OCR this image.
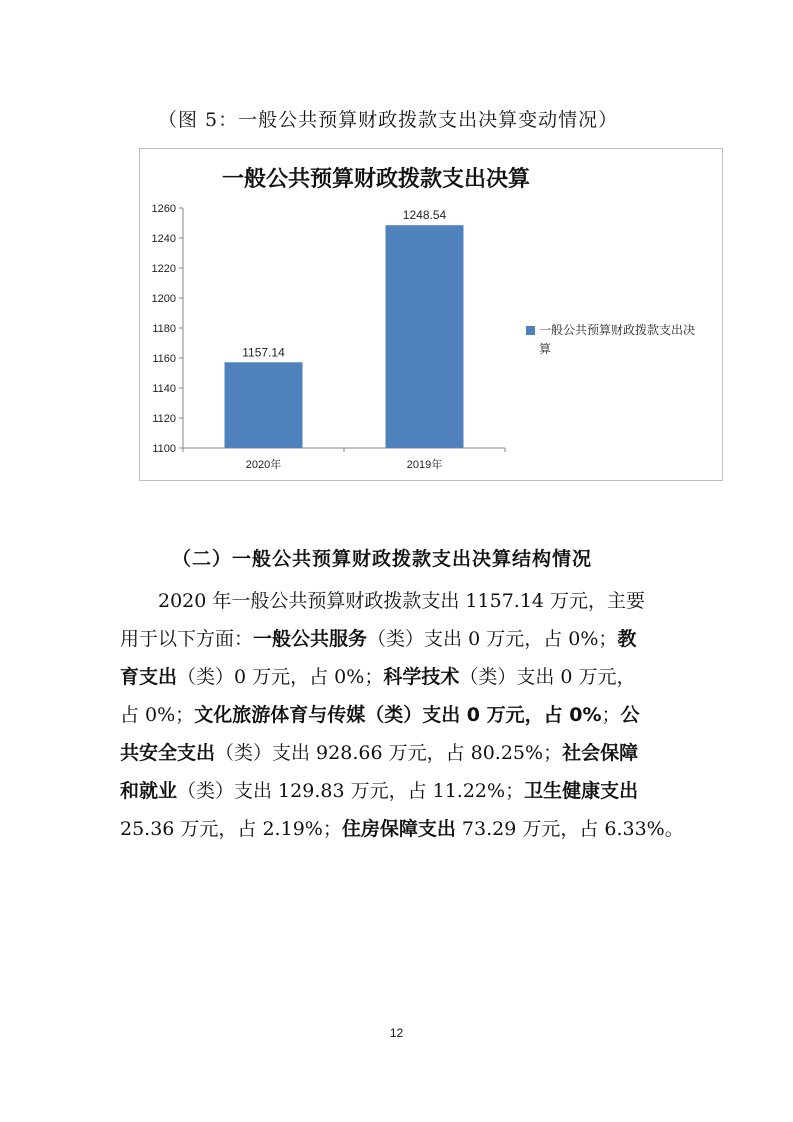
（图 5：一般公共预算财政拨款支出决算变动情况）
一般公共预算财政拨款支出决算
1100
1120
1140
1160
1180
1200
1220
1240
1260
2020年	2019年
1157.14
1248.54
一般公共预算财政拨款支出决
算
（二）一般公共预算财政拨款支出决算结构情况
　　2020 年一般公共预算财政拨款支出 1157.14 万元，主要
用于以下方面：一般公共服务（类）支出 0 万元，占 0%；教
育支出（类）0 万元，占 0%；科学技术（类）支出 0 万元，
占 0%；文化旅游体育与传媒（类）支出 0 万元，占 0%；公
共安全支出（类）支出 928.66 万元，占 80.25%；社会保障
和就业（类）支出 129.83 万元，占 11.22%；卫生健康支出
25.36 万元，占 2.19%；住房保障支出 73.29 万元，占 6.33%。
12
